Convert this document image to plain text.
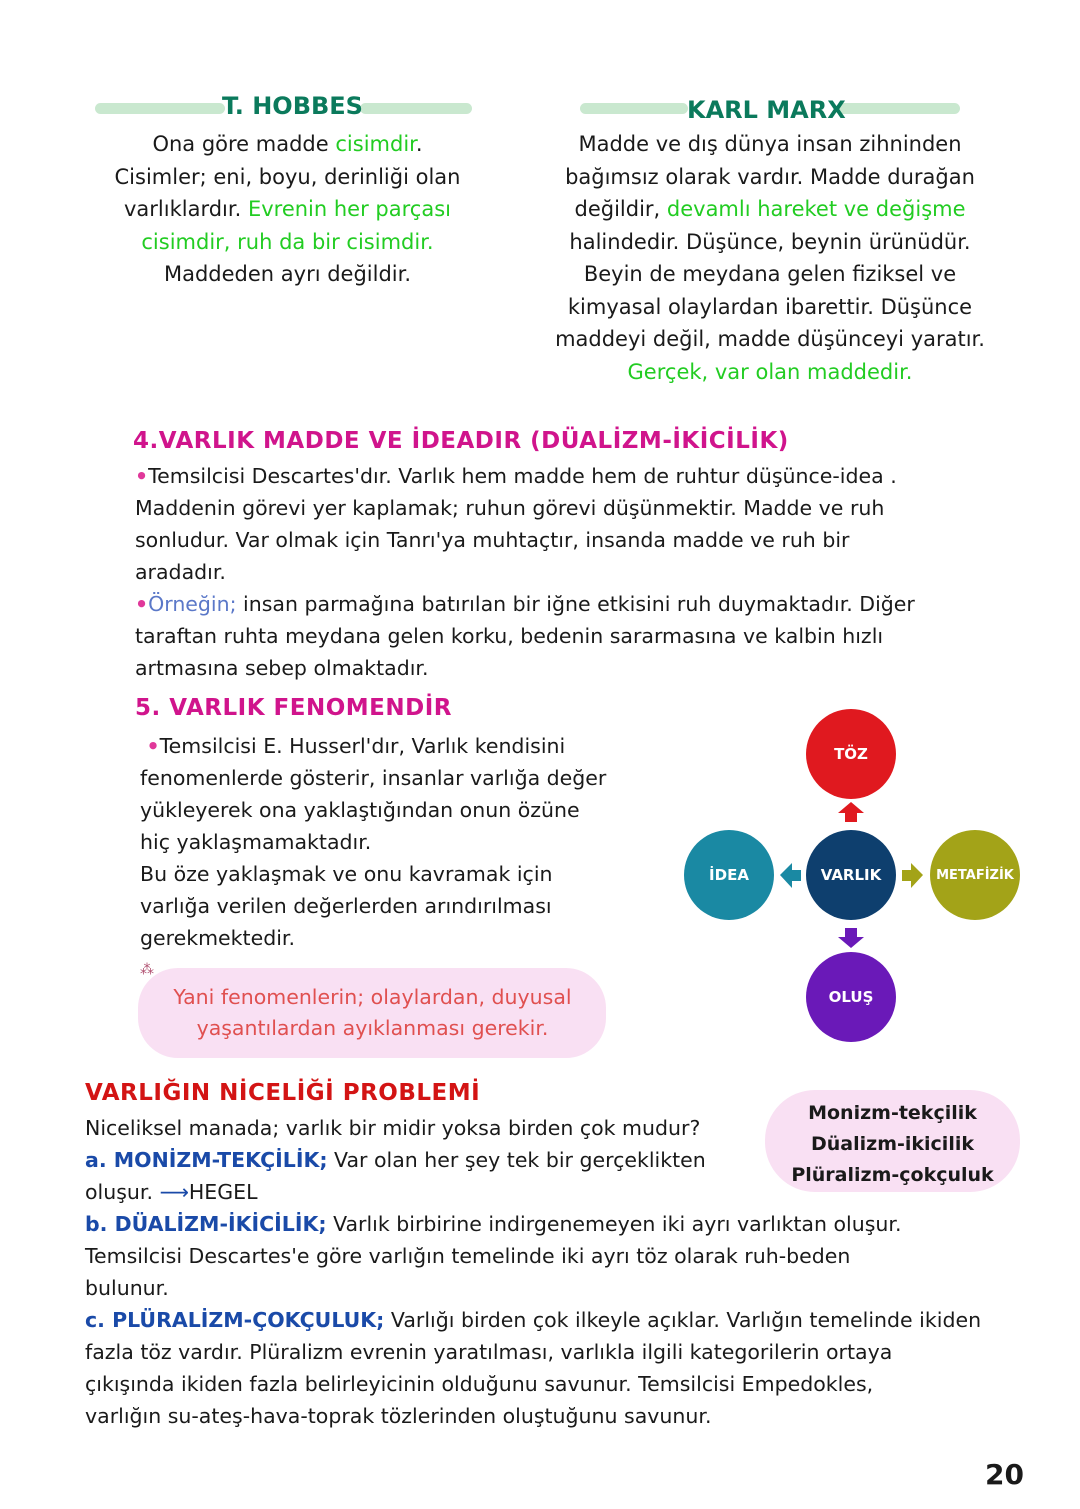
T. HOBBES
Ona göre madde cisimdir.
Cisimler; eni, boyu, derinliği olan
varlıklardır. Evrenin her parçası
cisimdir, ruh da bir cisimdir.
Maddeden ayrı değildir.
KARL MARX
Madde ve dış dünya insan zihninden
bağımsız olarak vardır. Madde durağan
değildir, devamlı hareket ve değişme
halindedir. Düşünce, beynin ürünüdür.
Beyin de meydana gelen fiziksel ve
kimyasal olaylardan ibarettir. Düşünce
maddeyi değil, madde düşünceyi yaratır.
Gerçek, var olan maddedir.
4.VARLIK MADDE VE İDEADIR (DÜALİZM-İKİCİLİK)
•Temsilcisi Descartes'dır. Varlık hem madde hem de ruhtur düşünce-idea .
Maddenin görevi yer kaplamak; ruhun görevi düşünmektir. Madde ve ruh
sonludur. Var olmak için Tanrı'ya muhtaçtır, insanda madde ve ruh bir
aradadır.
•Örneğin; insan parmağına batırılan bir iğne etkisini ruh duymaktadır. Diğer
taraftan ruhta meydana gelen korku, bedenin sararmasına ve kalbin hızlı
artmasına sebep olmaktadır.
5. VARLIK FENOMENDİR
•Temsilcisi E. Husserl'dır, Varlık kendisini
fenomenlerde gösterir, insanlar varlığa değer
yükleyerek ona yaklaştığından onun özüne
hiç yaklaşmamaktadır.
Bu öze yaklaşmak ve onu kavramak için
varlığa verilen değerlerden arındırılması
gerekmektedir.
⁂
Yani fenomenlerin; olaylardan, duyusal
yaşantılardan ayıklanması gerekir.
TÖZ
İDEA	VARLIK	METAFİZİK
OLUŞ
VARLIĞIN NİCELİĞİ PROBLEMİ
Monizm-tekçilik
Düalizm-ikicilik
Plüralizm-çokçuluk
Niceliksel manada; varlık bir midir yoksa birden çok mudur?
a. MONİZM-TEKÇİLİK; Var olan her şey tek bir gerçeklikten
oluşur. ⟶HEGEL
b. DÜALİZM-İKİCİLİK; Varlık birbirine indirgenemeyen iki ayrı varlıktan oluşur.
Temsilcisi Descartes'e göre varlığın temelinde iki ayrı töz olarak ruh-beden
bulunur.
c. PLÜRALİZM-ÇOKÇULUK; Varlığı birden çok ilkeyle açıklar. Varlığın temelinde ikiden
fazla töz vardır. Plüralizm evrenin yaratılması, varlıkla ilgili kategorilerin ortaya
çıkışında ikiden fazla belirleyicinin olduğunu savunur. Temsilcisi Empedokles,
varlığın su-ateş-hava-toprak tözlerinden oluştuğunu savunur.
20
